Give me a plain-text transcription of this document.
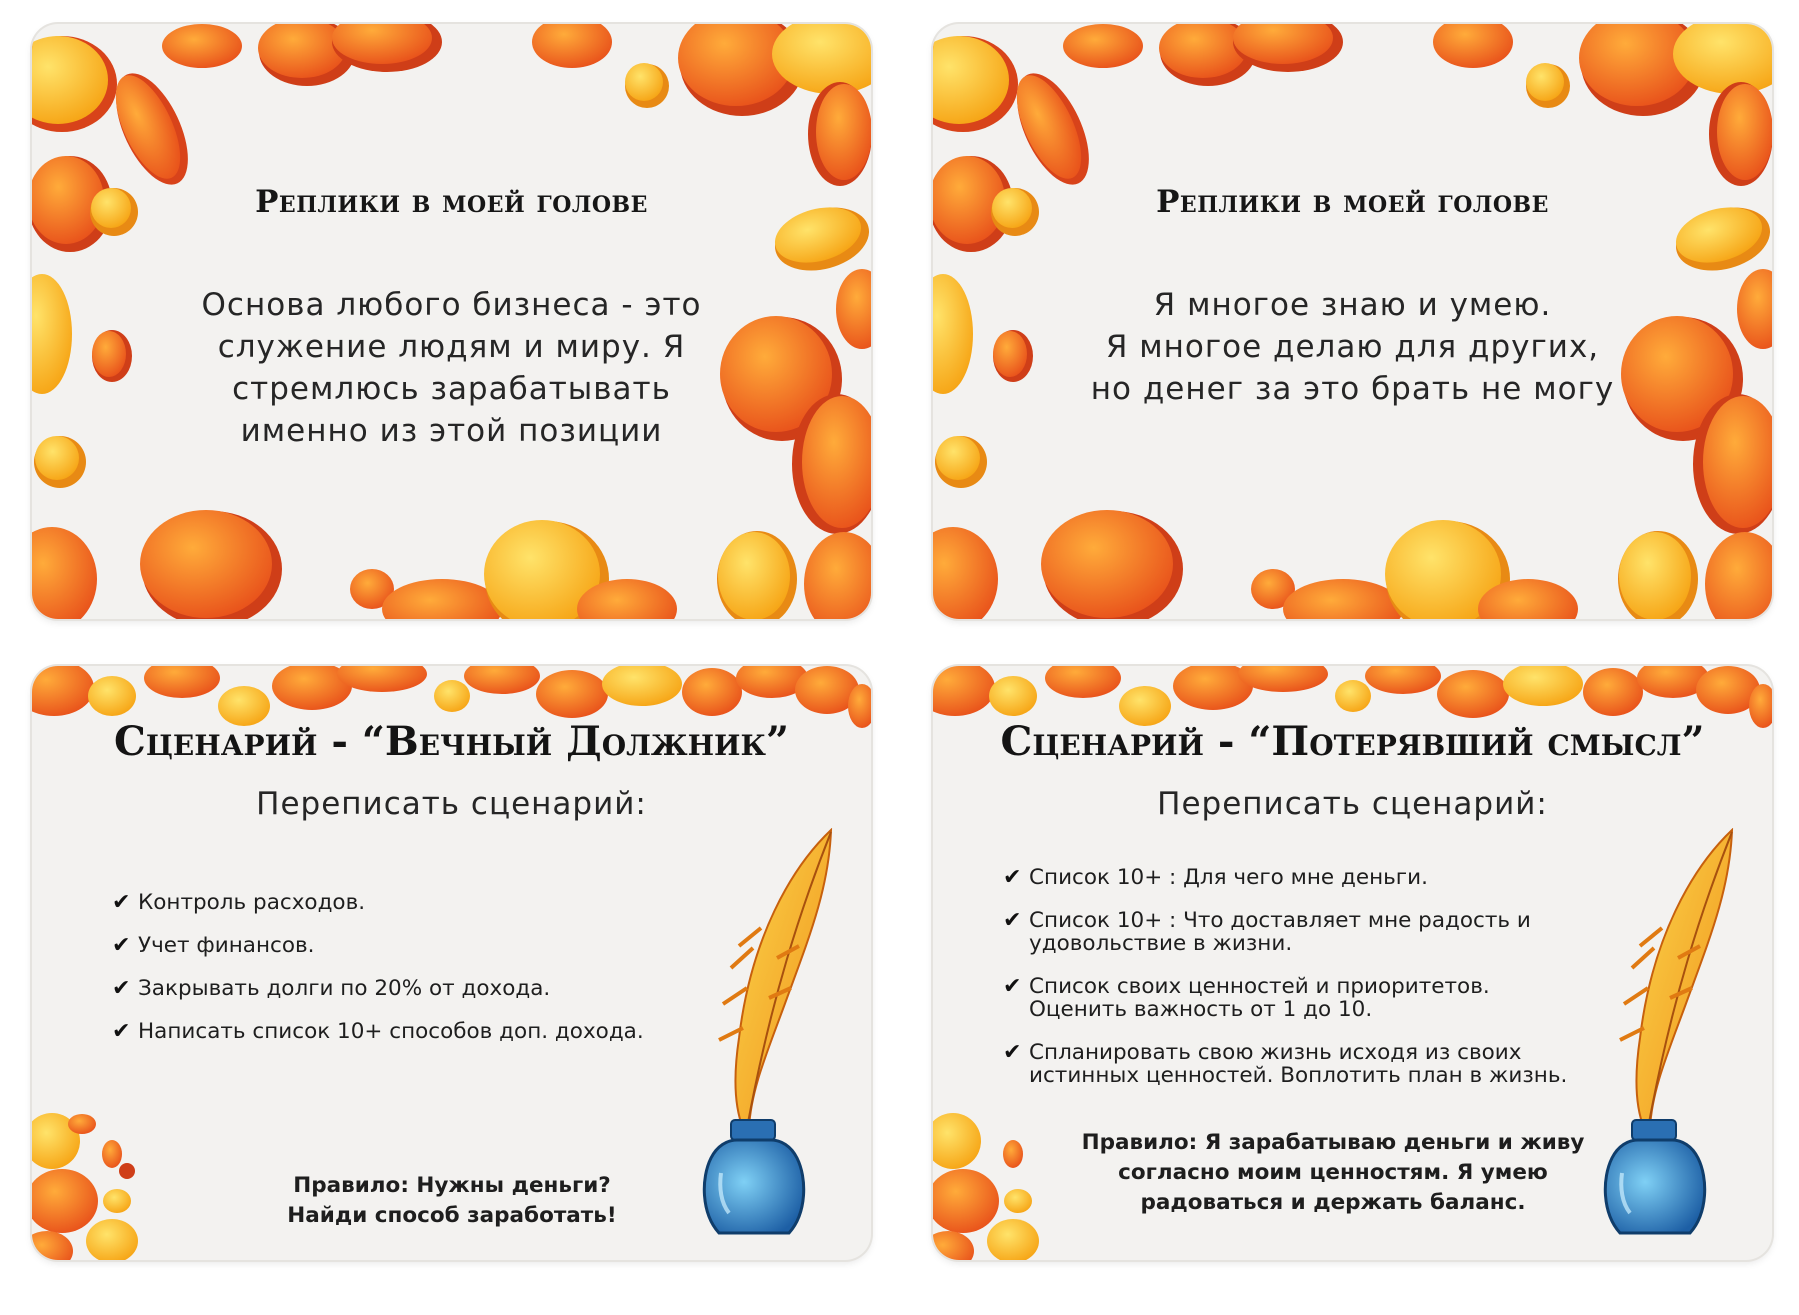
Реплики в моей голове
Основа любого бизнеса - это
служение людям и миру. Я
стремлюсь зарабатывать
именно из этой позиции
Реплики в моей голове
Я многое знаю и умею.
Я многое делаю для других,
но денег за это брать не могу
Сценарий - “Вечный Должник”
Переписать сценарий:
✔ Контроль расходов.
✔ Учет финансов.
✔ Закрывать долги по 20% от дохода.
✔ Написать список 10+ способов доп. дохода.
Правило: Нужны деньги?
Найди способ заработать!
Сценарий - “Потерявший смысл”
Переписать сценарий:
✔ Список 10+ : Для чего мне деньги.
✔ Список 10+ : Что доставляет мне радость и
удовольствие в жизни.
✔ Список своих ценностей и приоритетов.
Оценить важность от 1 до 10.
✔ Спланировать свою жизнь исходя из своих
истинных ценностей. Воплотить план в жизнь.
Правило: Я зарабатываю деньги и живу
согласно моим ценностям. Я умею
радоваться и держать баланс.
